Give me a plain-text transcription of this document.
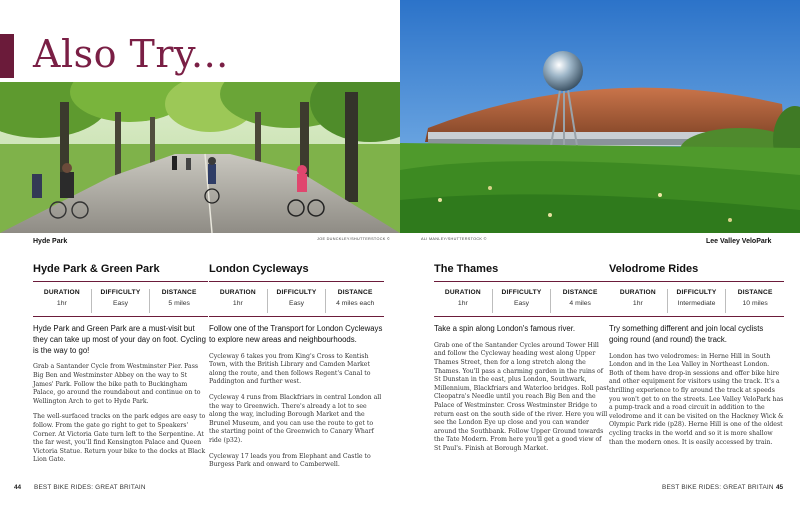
Also Try...
Hyde Park	JOE DUNCKLEY/SHUTTERSTOCK ©
Hyde Park & Green Park
DURATION
1hr
DIFFICULTY
Easy
DISTANCE
5 miles
Hyde Park and Green Park are a must-visit but they can take up most of your day on foot. Cycling is the way to go!

Grab a Santander Cycle from Westminster Pier. Pass Big Ben and Westminster Abbey on the way to St James' Park. Follow the bike path to Buckingham Palace, go around the roundabout and continue on to Wellington Arch to get to Hyde Park.

The well-surfaced tracks on the park edges are easy to follow. From the gate go right to get to Speakers' Corner. At Victoria Gate turn left to the Serpentine. At the far west, you'll find Kensington Palace and Queen Victoria Statue. Return your bike to the docks at Black Lion Gate.

London Cycleways
DURATION
1hr
DIFFICULTY
Easy
DISTANCE
4 miles each
Follow one of the Transport for London Cycleways to explore new areas and neighbourhoods.

Cycleway 6 takes you from King's Cross to Kentish Town, with the British Library and Camden Market along the route, and then follows Regent's Canal to Paddington and further west.

Cycleway 4 runs from Blackfriars in central London all the way to Greenwich. There's already a lot to see along the way, including Borough Market and the Brunel Museum, and you can use the route to get to the starting point of the Greenwich to Canary Wharf ride (p32).

Cycleway 17 leads you from Elephant and Castle to Burgess Park and onward to Camberwell.

44 BEST BIKE RIDES: GREAT BRITAIN
ALI MANLEY/SHUTTERSTOCK ©	Lee Valley VeloPark
The Thames
DURATION
1hr
DIFFICULTY
Easy
DISTANCE
4 miles
Take a spin along London's famous river.

Grab one of the Santander Cycles around Tower Hill and follow the Cycleway heading west along Upper Thames Street, then for a long stretch along the Thames. You'll pass a charming garden in the ruins of St Dunstan in the east, plus London, Southwark, Millennium, Blackfriars and Waterloo bridges. Roll past Cleopatra's Needle until you reach Big Ben and the Palace of Westminster. Cross Westminster Bridge to return east on the south side of the river. Here you will see the London Eye up close and you can wander around the Southbank. Follow Upper Ground towards the Tate Modern. From here you'll get a good view of St Paul's. Finish at Borough Market.

Velodrome Rides
DURATION
1hr
DIFFICULTY
Intermediate
DISTANCE
10 miles
Try something different and join local cyclists going round (and round) the track.

London has two velodromes: in Herne Hill in South London and in the Lea Valley in Northeast London. Both of them have drop-in sessions and offer bike hire and other equipment for visitors using the track. It's a thrilling experience to fly around the track at speeds you won't get to on the streets. Lee Valley VeloPark has a pump-track and a road circuit in addition to the velodrome and it can be visited on the Hackney Wick & Olympic Park ride (p28). Herne Hill is one of the oldest cycling tracks in the world and so it is more shallow than the modern ones. It is easily accessed by train.

BEST BIKE RIDES: GREAT BRITAIN 45
